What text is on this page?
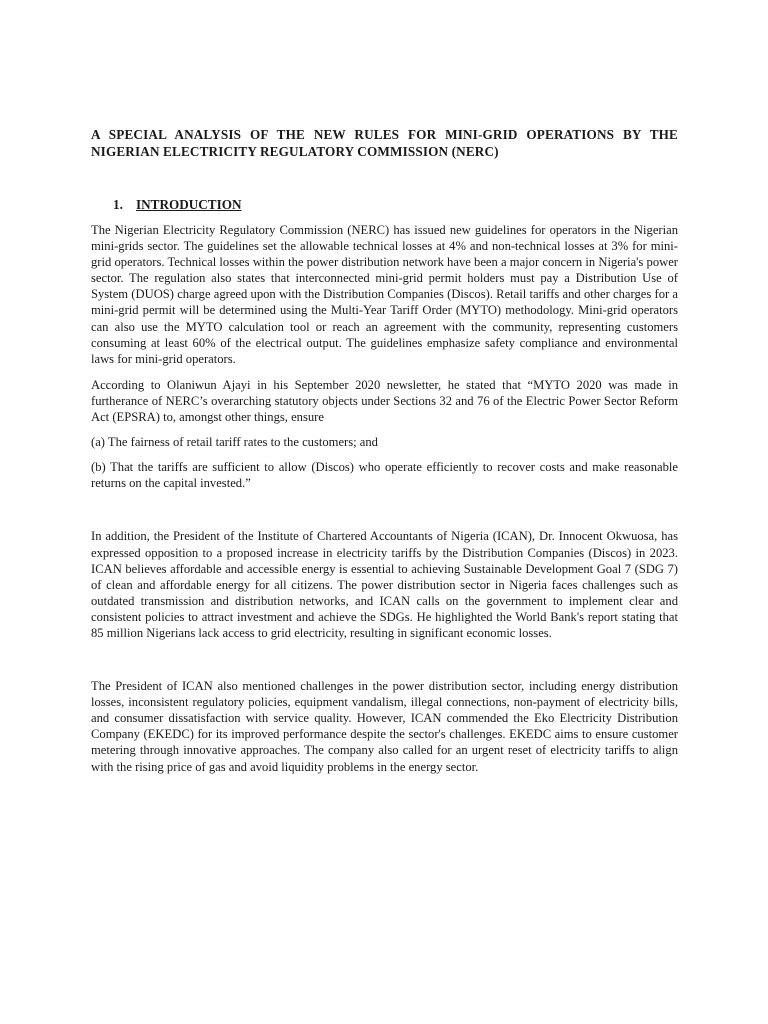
A SPECIAL ANALYSIS OF THE NEW RULES FOR MINI-GRID OPERATIONS BY THE NIGERIAN ELECTRICITY REGULATORY COMMISSION (NERC)
1. INTRODUCTION

The Nigerian Electricity Regulatory Commission (NERC) has issued new guidelines for operators in the Nigerian mini-grids sector. The guidelines set the allowable technical losses at 4% and non-technical losses at 3% for mini-grid operators. Technical losses within the power distribution network have been a major concern in Nigeria's power sector. The regulation also states that interconnected mini-grid permit holders must pay a Distribution Use of System (DUOS) charge agreed upon with the Distribution Companies (Discos). Retail tariffs and other charges for a mini-grid permit will be determined using the Multi-Year Tariff Order (MYTO) methodology. Mini-grid operators can also use the MYTO calculation tool or reach an agreement with the community, representing customers consuming at least 60% of the electrical output. The guidelines emphasize safety compliance and environmental laws for mini-grid operators.

According to Olaniwun Ajayi in his September 2020 newsletter, he stated that “MYTO 2020 was made in furtherance of NERC’s overarching statutory objects under Sections 32 and 76 of the Electric Power Sector Reform Act (EPSRA) to, amongst other things, ensure

(a) The fairness of retail tariff rates to the customers; and

(b) That the tariffs are sufficient to allow (Discos) who operate efficiently to recover costs and make reasonable returns on the capital invested.”

In addition, the President of the Institute of Chartered Accountants of Nigeria (ICAN), Dr. Innocent Okwuosa, has expressed opposition to a proposed increase in electricity tariffs by the Distribution Companies (Discos) in 2023. ICAN believes affordable and accessible energy is essential to achieving Sustainable Development Goal 7 (SDG 7) of clean and affordable energy for all citizens. The power distribution sector in Nigeria faces challenges such as outdated transmission and distribution networks, and ICAN calls on the government to implement clear and consistent policies to attract investment and achieve the SDGs. He highlighted the World Bank's report stating that 85 million Nigerians lack access to grid electricity, resulting in significant economic losses.

The President of ICAN also mentioned challenges in the power distribution sector, including energy distribution losses, inconsistent regulatory policies, equipment vandalism, illegal connections, non-payment of electricity bills, and consumer dissatisfaction with service quality. However, ICAN commended the Eko Electricity Distribution Company (EKEDC) for its improved performance despite the sector's challenges. EKEDC aims to ensure customer metering through innovative approaches. The company also called for an urgent reset of electricity tariffs to align with the rising price of gas and avoid liquidity problems in the energy sector.
